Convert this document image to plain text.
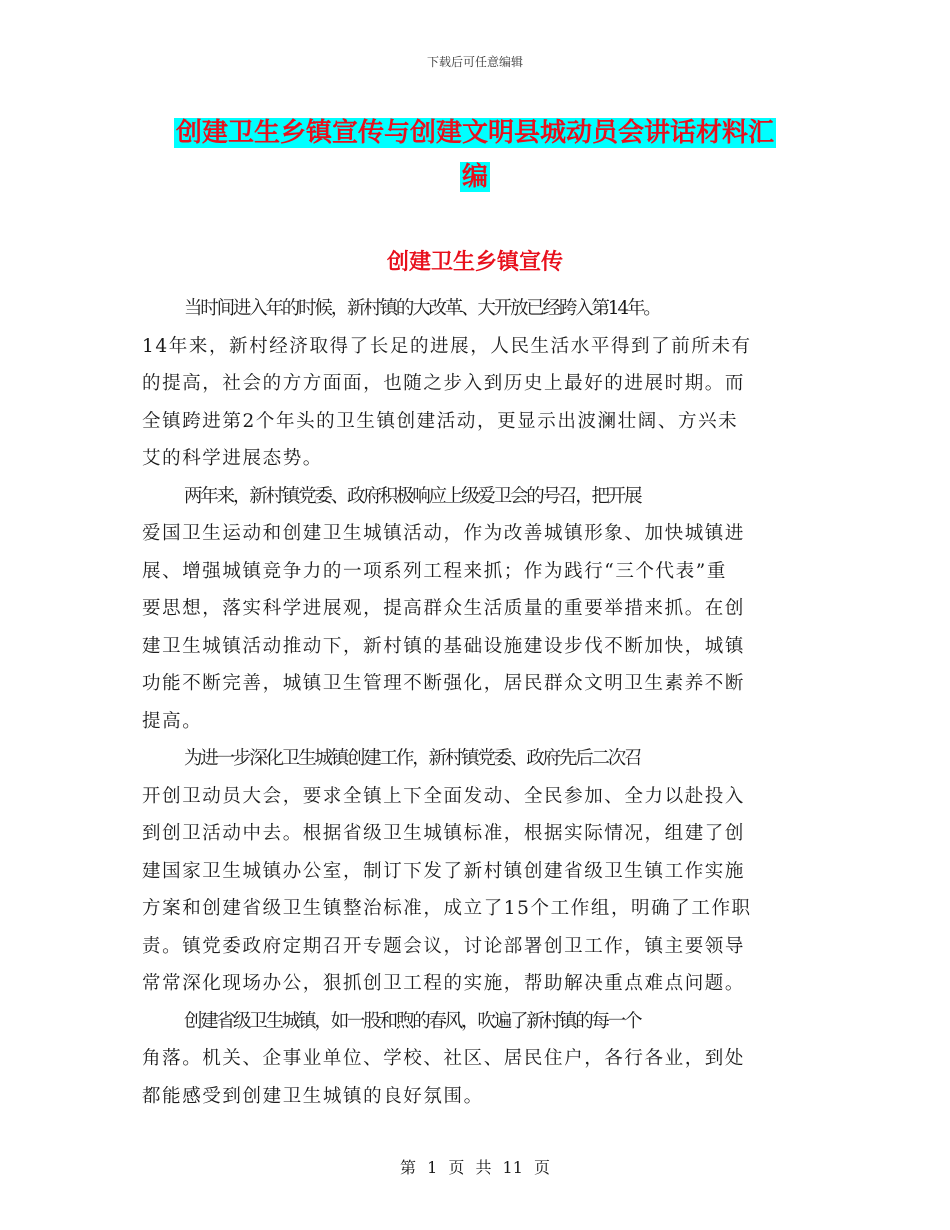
下载后可任意编辑
创建卫生乡镇宣传与创建文明县城动员会讲话材料汇
编
创建卫生乡镇宣传
当时间进入年的时候，新村镇的大改革、大开放已经跨入第14年。
14年来，新村经济取得了长足的进展，人民生活水平得到了前所未有
的提高，社会的方方面面，也随之步入到历史上最好的进展时期。而
全镇跨进第2个年头的卫生镇创建活动，更显示出波澜壮阔、方兴未
艾的科学进展态势。
两年来，新村镇党委、政府积极响应上级爱卫会的号召，把开展
爱国卫生运动和创建卫生城镇活动，作为改善城镇形象、加快城镇进
展、增强城镇竞争力的一项系列工程来抓；作为践行“三个代表”重
要思想，落实科学进展观，提高群众生活质量的重要举措来抓。在创
建卫生城镇活动推动下，新村镇的基础设施建设步伐不断加快，城镇
功能不断完善，城镇卫生管理不断强化，居民群众文明卫生素养不断
提高。
为进一步深化卫生城镇创建工作，新村镇党委、政府先后二次召
开创卫动员大会，要求全镇上下全面发动、全民参加、全力以赴投入
到创卫活动中去。根据省级卫生城镇标准，根据实际情况，组建了创
建国家卫生城镇办公室，制订下发了新村镇创建省级卫生镇工作实施
方案和创建省级卫生镇整治标准，成立了15个工作组，明确了工作职
责。镇党委政府定期召开专题会议，讨论部署创卫工作，镇主要领导
常常深化现场办公，狠抓创卫工程的实施，帮助解决重点难点问题。
创建省级卫生城镇，如一股和煦的春风，吹遍了新村镇的每一个
角落。机关、企事业单位、学校、社区、居民住户，各行各业，到处
都能感受到创建卫生城镇的良好氛围。
第 1 页 共 11 页
